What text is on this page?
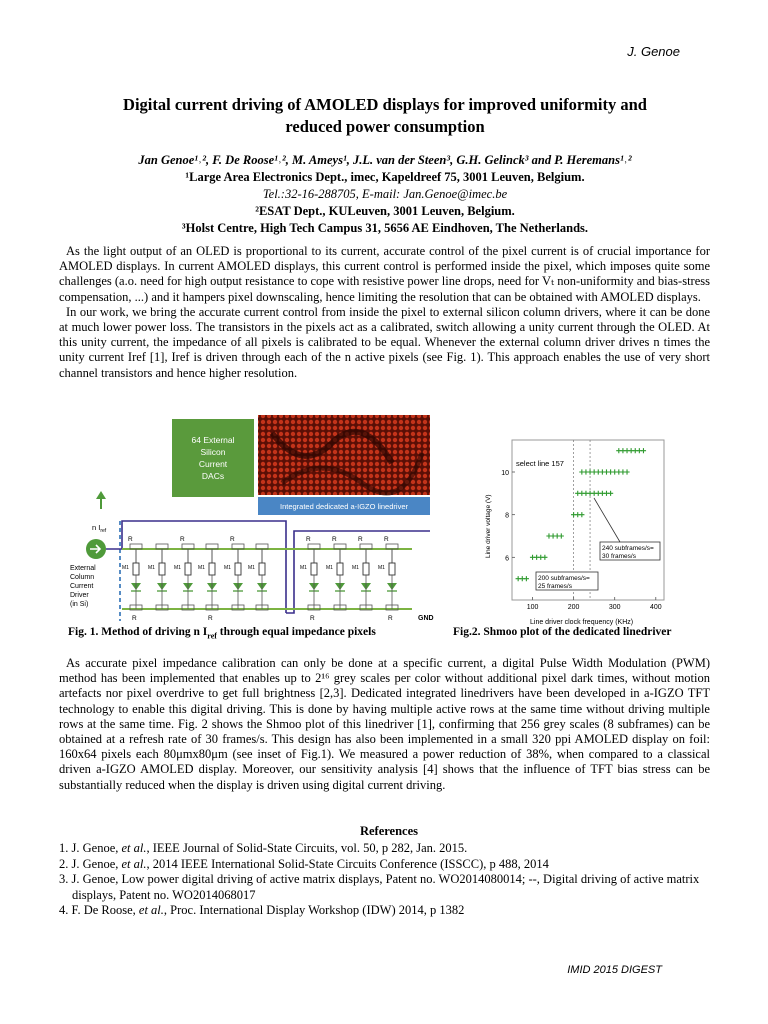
J. Genoe
Digital current driving of AMOLED displays for improved uniformity and
reduced power consumption
Jan Genoe¹˒², F. De Roose¹˒², M. Ameys¹, J.L. van der Steen³, G.H. Gelinck³ and P. Heremans¹˒²
¹Large Area Electronics Dept., imec, Kapeldreef 75, 3001 Leuven, Belgium.
Tel.:32-16-288705, E-mail: Jan.Genoe@imec.be
²ESAT Dept., KULeuven, 3001 Leuven, Belgium.
³Holst Centre, High Tech Campus 31, 5656 AE Eindhoven, The Netherlands.

As the light output of an OLED is proportional to its current, accurate control of the pixel current is of crucial importance for AMOLED displays. In current AMOLED displays, this current control is performed inside the pixel, which imposes quite some challenges (a.o. need for high output resistance to cope with resistive power line drops, need for Vₜ non-uniformity and bias-stress compensation, ...) and it hampers pixel downscaling, hence limiting the resolution that can be obtained with AMOLED displays.

In our work, we bring the accurate current control from inside the pixel to external silicon column drivers, where it can be done at much lower power loss. The transistors in the pixels act as a calibrated, switch allowing a unity current through the OLED. At this unity current, the impedance of all pixels is calibrated to be equal. Whenever the external column driver drives n times the unity current Iref [1], Iref is driven through each of the n active pixels (see Fig. 1). This approach enables the use of very short channel transistors and hence higher resolution.

64 External
Silicon
Current
DACs
Integrated dedicated a-IGZO linedriver
n $I_{ref}$
External
Column
Current
Driver
(in Si)
R
M1
R
M1
R
M1	M1
R
R
M1	M1
R
M1
R
R
M1
R
M1
R
M1
R	GND
100	200	300	400
6
8
10
select line 157
240 subframes/s=
30 frames/s
200 subframes/s=
25 frames/s
Line driver voltage (V)
Line driver clock frequency (KHz)
Fig. 1. Method of driving n $I_{ref}$ through equal impedance pixels	Fig.2. Shmoo plot of the dedicated linedriver

As accurate pixel impedance calibration can only be done at a specific current, a digital Pulse Width Modulation (PWM) method has been implemented that enables up to 2¹⁶ grey scales per color without additional pixel dark times, without motion artefacts nor pixel overdrive to get full brightness [2,3]. Dedicated integrated linedrivers have been developed in a-IGZO TFT technology to enable this digital driving. This is done by having multiple active rows at the same time without driving multiple rows at the same time. Fig. 2 shows the Shmoo plot of this linedriver [1], confirming that 256 grey scales (8 subframes) can be obtained at a refresh rate of 30 frames/s. This design has also been implemented in a small 320 ppi AMOLED display on foil: 160x64 pixels each 80μmx80μm (see inset of Fig.1). We measured a power reduction of 38%, when compared to a classical driven a-IGZO AMOLED display. Moreover, our sensitivity analysis [4] shows that the influence of TFT bias stress can be substantially reduced when the display is driven using digital current driving.

References
1. J. Genoe, et al., IEEE Journal of Solid-State Circuits, vol. 50, p 282, Jan. 2015.
2. J. Genoe, et al., 2014 IEEE International Solid-State Circuits Conference (ISSCC), p 488, 2014
3. J. Genoe, Low power digital driving of active matrix displays, Patent no. WO2014080014; --, Digital driving of active matrix displays, Patent no. WO2014068017
4. F. De Roose, et al., Proc. International Display Workshop (IDW) 2014, p 1382
IMID 2015 DIGEST
